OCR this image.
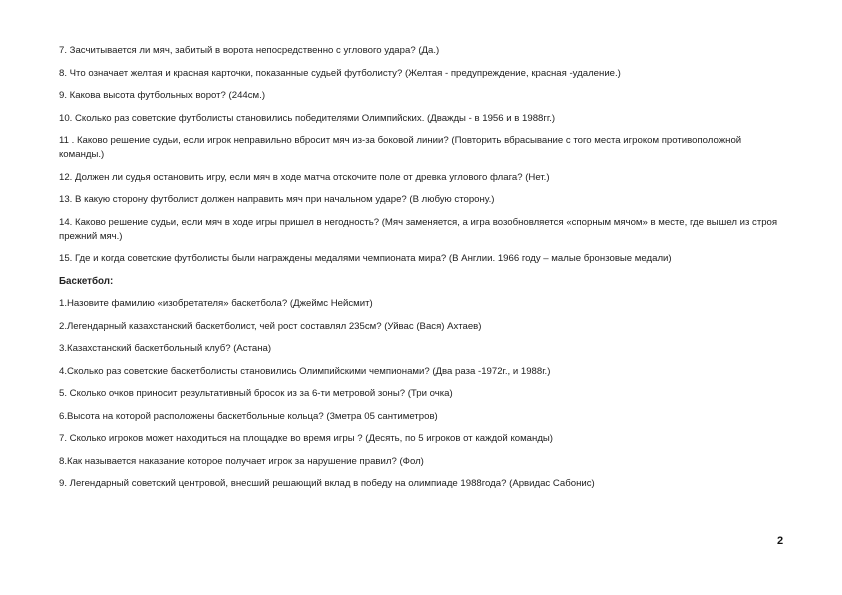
7. Засчитывается ли мяч, забитый в ворота непосредственно с углового удара? (Да.)

8. Что означает желтая и красная карточки, показанные судьей футболисту? (Желтая - предупреждение, красная -удаление.)

9. Какова высота футбольных ворот? (244см.)

10. Сколько раз советские футболисты становились победителями Олимпийских. (Дважды - в 1956 и в 1988гг.)

11 . Каково решение судьи, если игрок неправильно вбросит мяч из-за боковой линии? (Повторить вбрасывание с того места игроком противоположной команды.)

12. Должен ли судья остановить игру, если мяч в ходе матча отскочите поле от древка углового флага? (Нет.)

13. В какую сторону футболист должен направить мяч при начальном ударе? (В любую сторону.)

14. Каково решение судьи, если мяч в ходе игры пришел в негодность? (Мяч заменяется, а игра возобновляется «спорным мячом» в месте, где вышел из строя прежний мяч.)

15. Где и когда советские футболисты были награждены медалями чемпионата мира? (В Англии. 1966 году – малые бронзовые медали)

Баскетбол:

1.Назовите фамилию «изобретателя» баскетбола? (Джеймс Нейсмит)

2.Легендарный казахстанский баскетболист, чей рост составлял 235см? (Уйвас (Вася) Ахтаев)

3.Казахстанский баскетбольный клуб? (Астана)

4.Сколько раз советские баскетболисты становились Олимпийскими чемпионами? (Два раза -1972г., и 1988г.)

5. Сколько очков приносит результативный бросок из за 6-ти метровой зоны? (Три очка)

6.Высота на которой расположены баскетбольные кольца? (3метра 05 сантиметров)

7. Сколько игроков может находиться на площадке во время игры ? (Десять, по 5 игроков от каждой команды)

8.Как называется наказание которое получает игрок за нарушение правил? (Фол)

9. Легендарный советский центровой, внесший решающий вклад в победу на олимпиаде 1988года? (Арвидас Сабонис)

2
